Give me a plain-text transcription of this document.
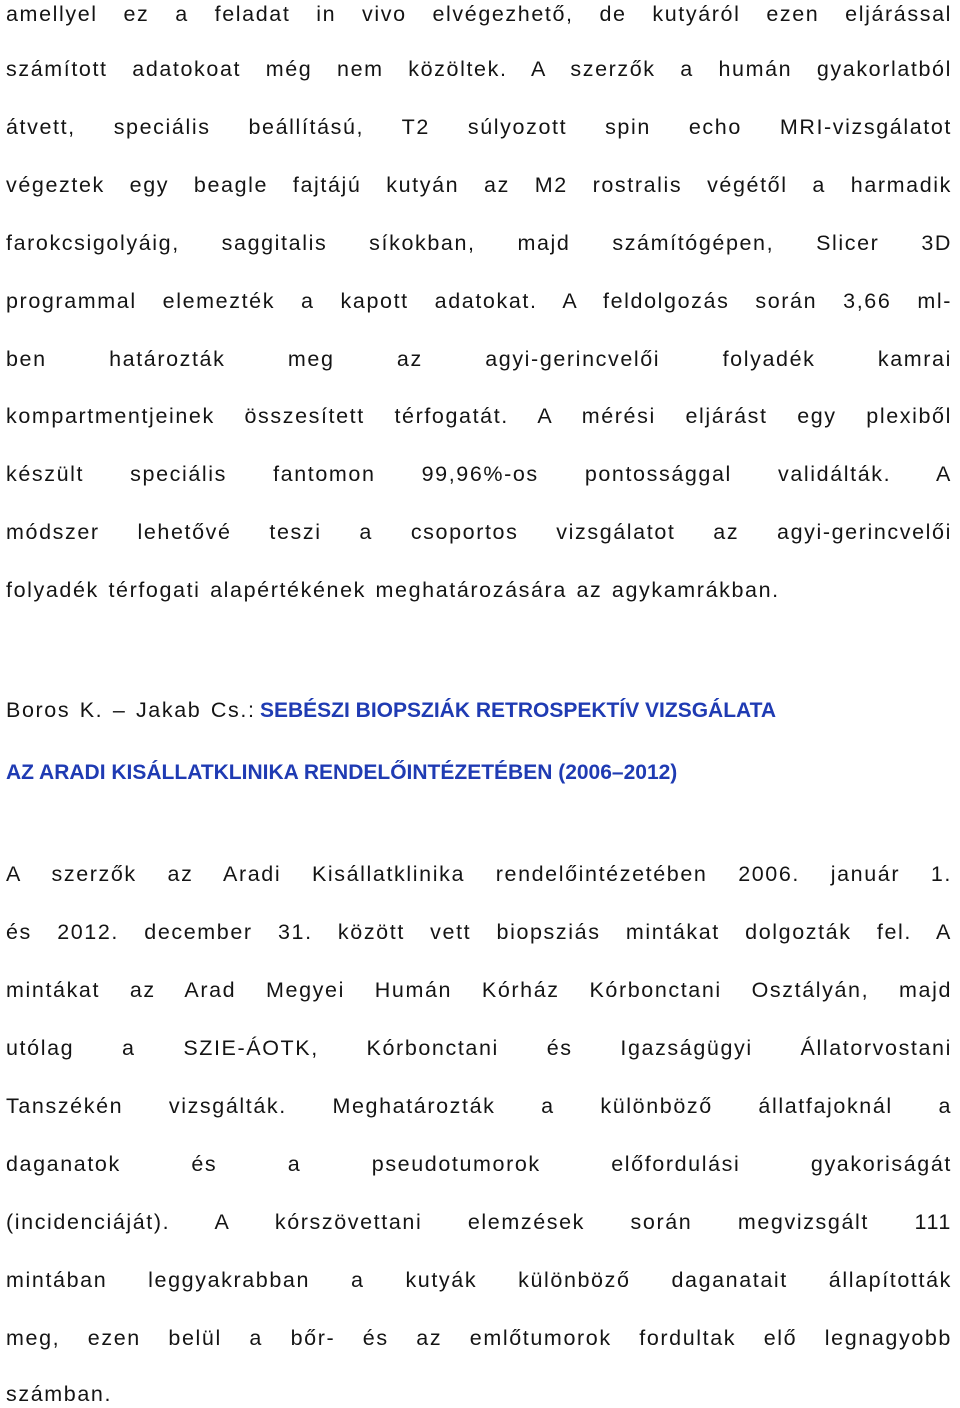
amellyel ez a feladat in vivo elvégezhető, de kutyáról ezen eljárással
számított adatokoat még nem közöltek. A szerzők a humán gyakorlatból
átvett, speciális beállítású, T2 súlyozott spin echo MRI-vizsgálatot
végeztek egy beagle fajtájú kutyán az M2 rostralis végétől a harmadik
farokcsigolyáig, saggitalis síkokban, majd számítógépen, Slicer 3D
programmal elemezték a kapott adatokat. A feldolgozás során 3,66 ml-
ben határozták meg az agyi-gerincvelői folyadék kamrai
kompartmentjeinek összesített térfogatát. A mérési eljárást egy plexiből
készült speciális fantomon 99,96%-os pontossággal validálták. A
módszer lehetővé teszi a csoportos vizsgálatot az agyi-gerincvelői
folyadék térfogati alapértékének meghatározására az agykamrákban.
Boros K. – Jakab Cs.: SEBÉSZI BIOPSZIÁK RETROSPEKTÍV VIZSGÁLATA
AZ ARADI KISÁLLATKLINIKA RENDELŐINTÉZETÉBEN (2006–2012)
A szerzők az Aradi Kisállatklinika rendelőintézetében 2006. január 1.
és 2012. december 31. között vett biopsziás mintákat dolgozták fel. A
mintákat az Arad Megyei Humán Kórház Kórbonctani Osztályán, majd
utólag a SZIE-ÁOTK, Kórbonctani és Igazságügyi Állatorvostani
Tanszékén vizsgálták. Meghatározták a különböző állatfajoknál a
daganatok és a pseudotumorok előfordulási gyakoriságát
(incidenciáját). A kórszövettani elemzések során megvizsgált 111
mintában leggyakrabban a kutyák különböző daganatait állapították
meg, ezen belül a bőr- és az emlőtumorok fordultak elő legnagyobb
számban.
